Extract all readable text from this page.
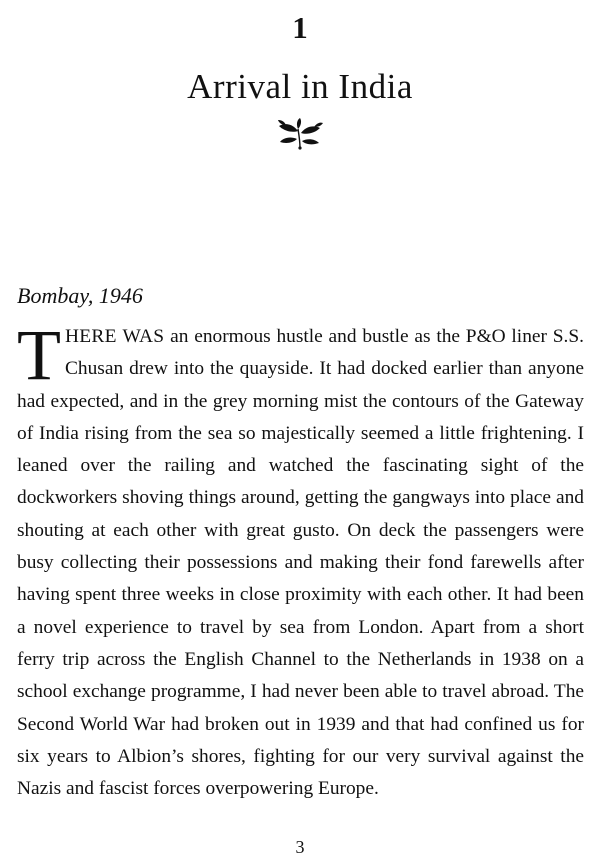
1
Arrival in India
Bombay, 1946

THERE WAS an enormous hustle and bustle as the P&O liner S.S. Chusan drew into the quayside. It had docked earlier than anyone had expected, and in the grey morning mist the contours of the Gateway of India rising from the sea so majestically seemed a little frightening. I leaned over the railing and watched the fascinating sight of the dockworkers shoving things around, getting the gangways into place and shouting at each other with great gusto. On deck the passengers were busy collecting their possessions and making their fond farewells after having spent three weeks in close proximity with each other. It had been a novel experience to travel by sea from London. Apart from a short ferry trip across the English Channel to the Netherlands in 1938 on a school exchange programme, I had never been able to travel abroad. The Second World War had broken out in 1939 and that had confined us for six years to Albion’s shores, fighting for our very survival against the Nazis and fascist forces overpowering Europe.

3
